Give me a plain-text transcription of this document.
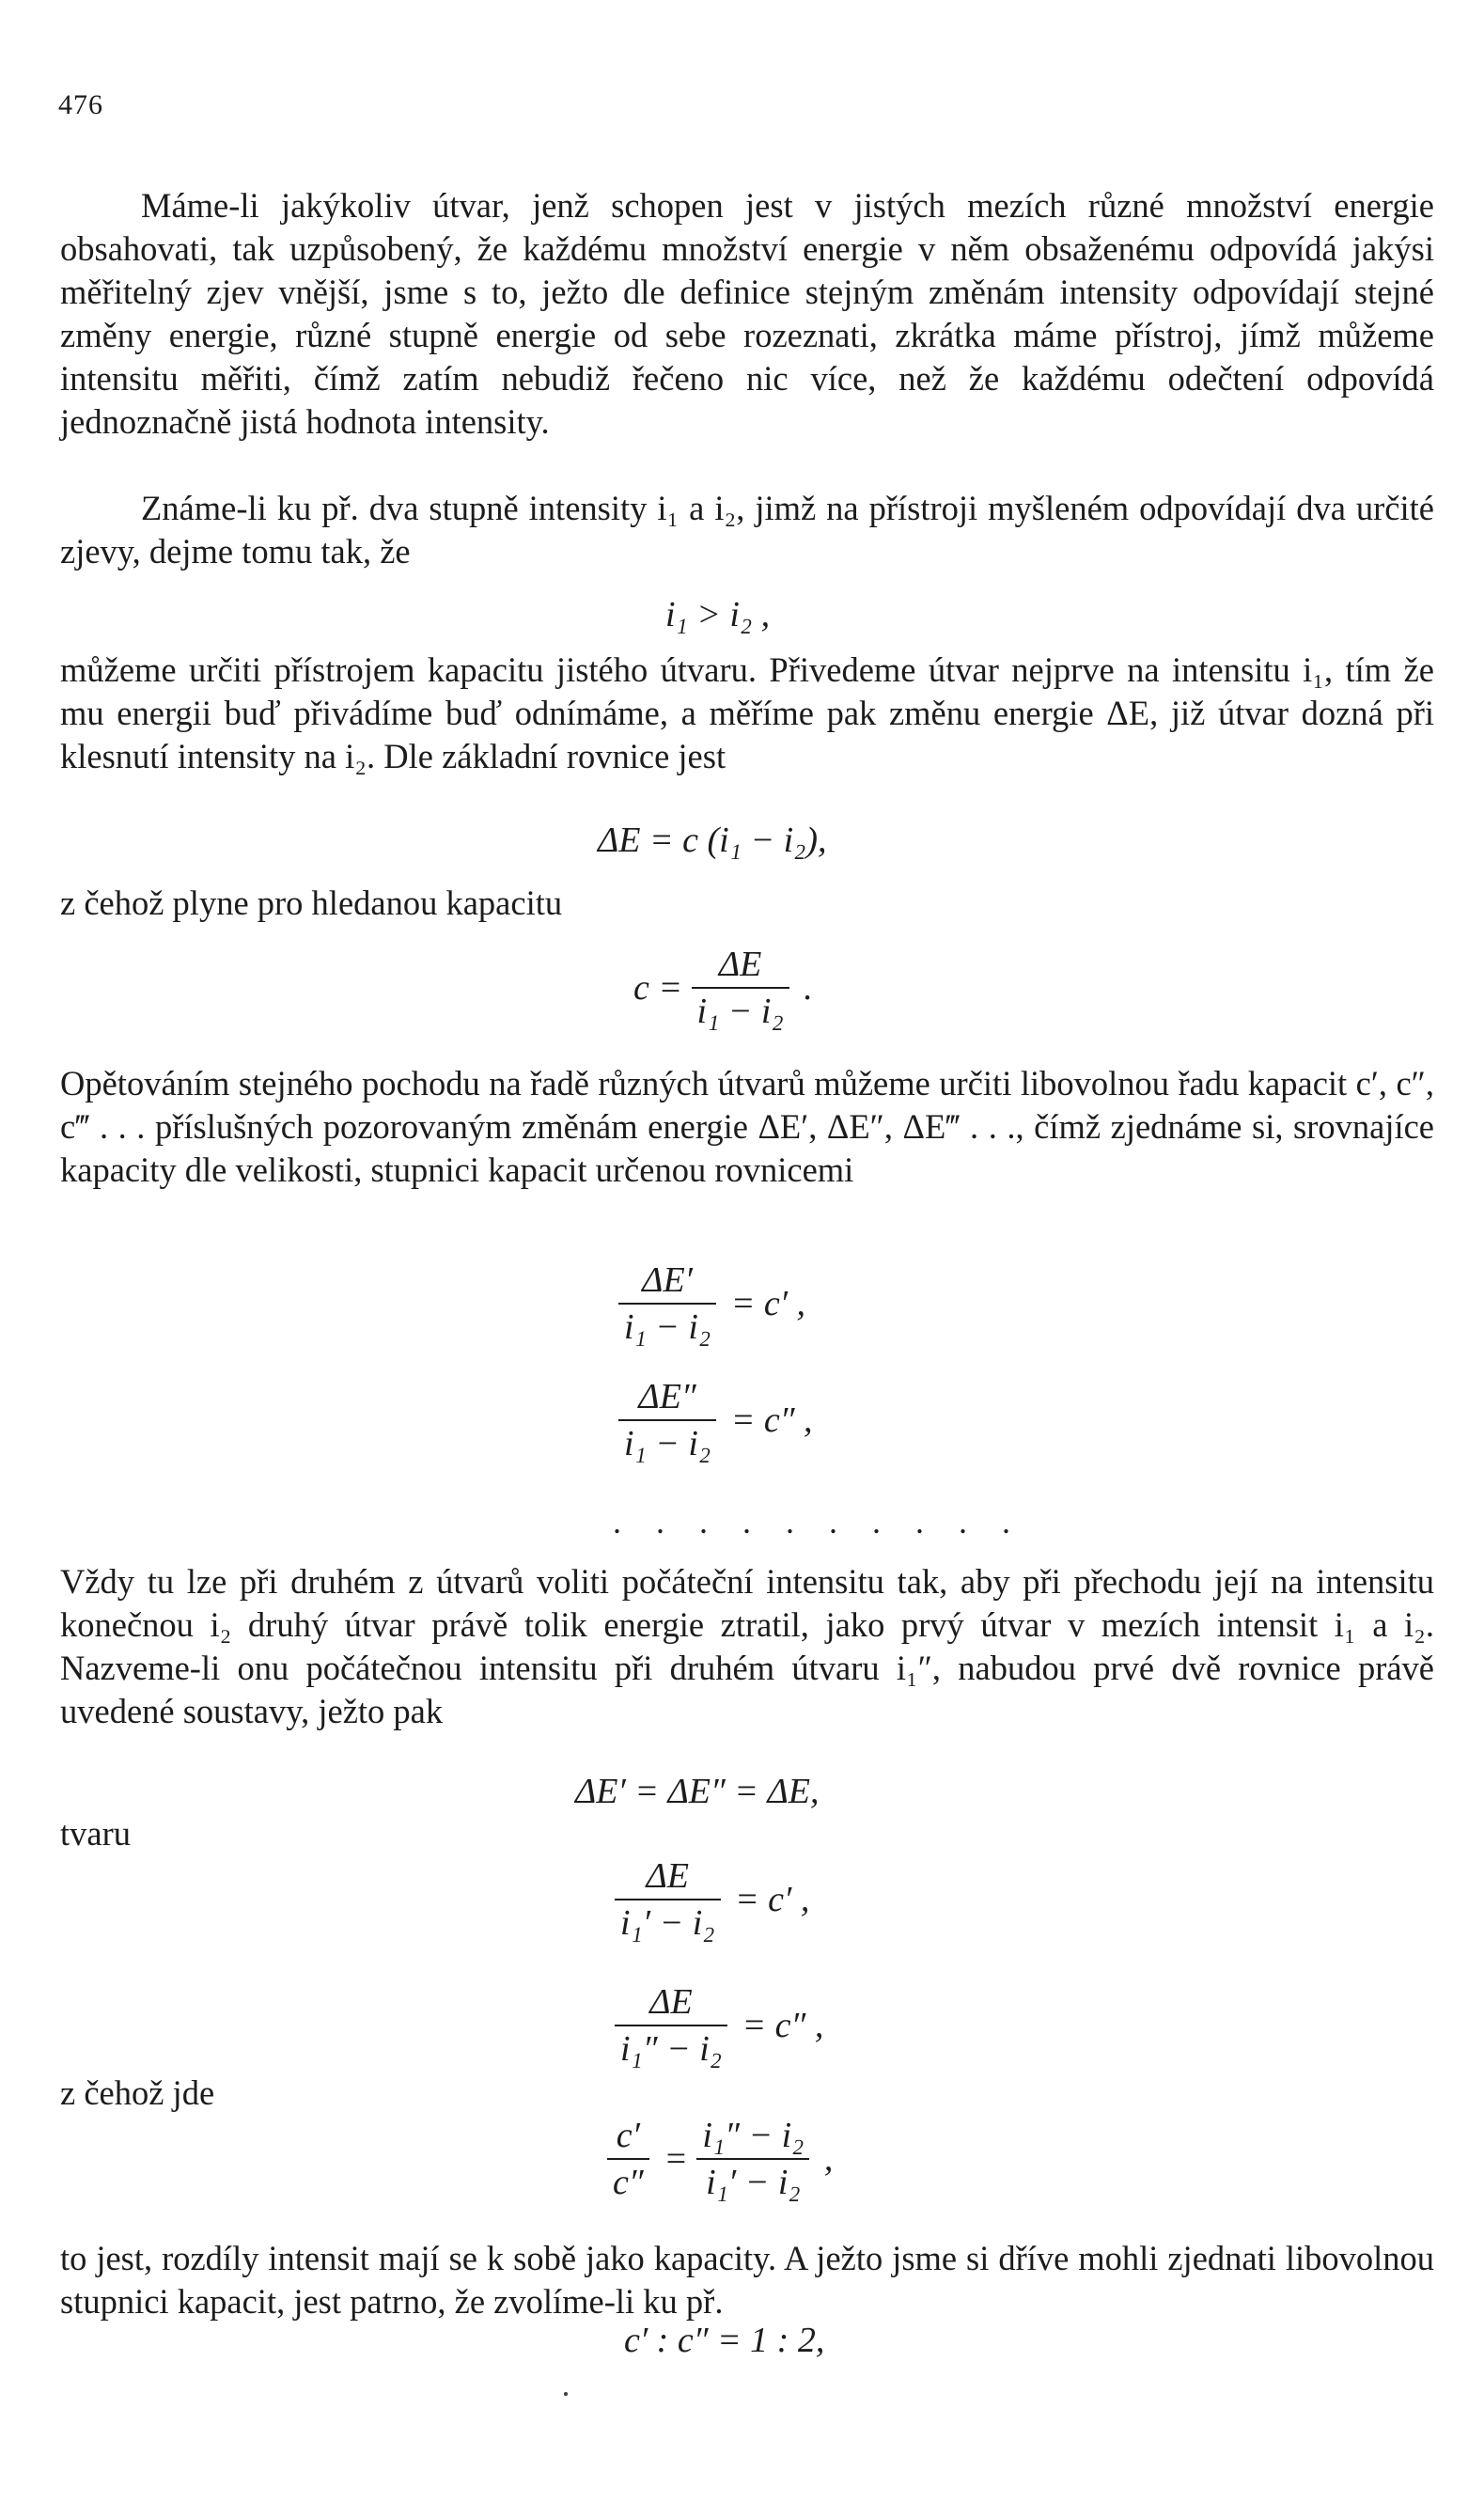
476

Máme-li jakýkoliv útvar, jenž schopen jest v jistých mezích různé množství energie obsahovati, tak uzpůsobený, že každému množství energie v něm obsaženému odpovídá jakýsi měřitelný zjev vnější, jsme s to, ježto dle definice stejným změnám intensity odpovídají stejné změny energie, různé stupně energie od sebe rozeznati, zkrátka máme přístroj, jímž můžeme intensitu měřiti, čímž zatím nebudiž řečeno nic více, než že každému odečtení odpovídá jednoznačně jistá hodnota intensity.

Známe-li ku př. dva stupně intensity i₁ a i₂, jimž na přístroji myšleném odpovídají dva určité zjevy, dejme tomu tak, že

i₁ > i₂ ,

můžeme určiti přístrojem kapacitu jistého útvaru. Přivedeme útvar nejprve na intensitu i₁, tím že mu energii buď přivádíme buď odnímáme, a měříme pak změnu energie ΔE, již útvar dozná při klesnutí intensity na i₂. Dle základní rovnice jest

ΔE = c (i₁ − i₂),
z čehož plyne pro hledanou kapacitu
$c = \frac{\Delta E}{\text{i₁ − i₂}}$ .

Opětováním stejného pochodu na řadě různých útvarů můžeme určiti libovolnou řadu kapacit c′, c″, c‴ . . . příslušných pozorovaným změnám energie ΔE′, ΔE″, ΔE‴ . . ., čímž zjednáme si, srovnajíce kapacity dle velikosti, stupnici kapacit určenou rovnicemi

$\frac{\Delta E'}{\text{i₁ − i₂}} = c'$ ,
$\frac{\Delta E''}{\text{i₁ − i₂}} = c''$ ,
. . . . . . . . . .

Vždy tu lze při druhém z útvarů voliti počáteční intensitu tak, aby při přechodu její na intensitu konečnou i₂ druhý útvar právě tolik energie ztratil, jako prvý útvar v mezích intensit i₁ a i₂. Nazveme-li onu počátečnou intensitu při druhém útvaru i₁″, nabudou prvé dvě rovnice právě uvedené soustavy, ježto pak

ΔE′ = ΔE″ = ΔE,
tvaru
$\frac{\Delta E}{\text{i₁′ − i₂}} = c'$ ,
$\frac{\Delta E}{\text{i₁″ − i₂}} = c''$ ,
z čehož jde
$\frac{c'}{c''} = \frac{\text{i₁″ − i₂}}{\text{i₁′ − i₂}}$ ,

to jest, rozdíly intensit mají se k sobě jako kapacity. A ježto jsme si dříve mohli zjednati libovolnou stupnici kapacit, jest patrno, že zvolíme-li ku př.

c′ : c″ = 1 : 2,
